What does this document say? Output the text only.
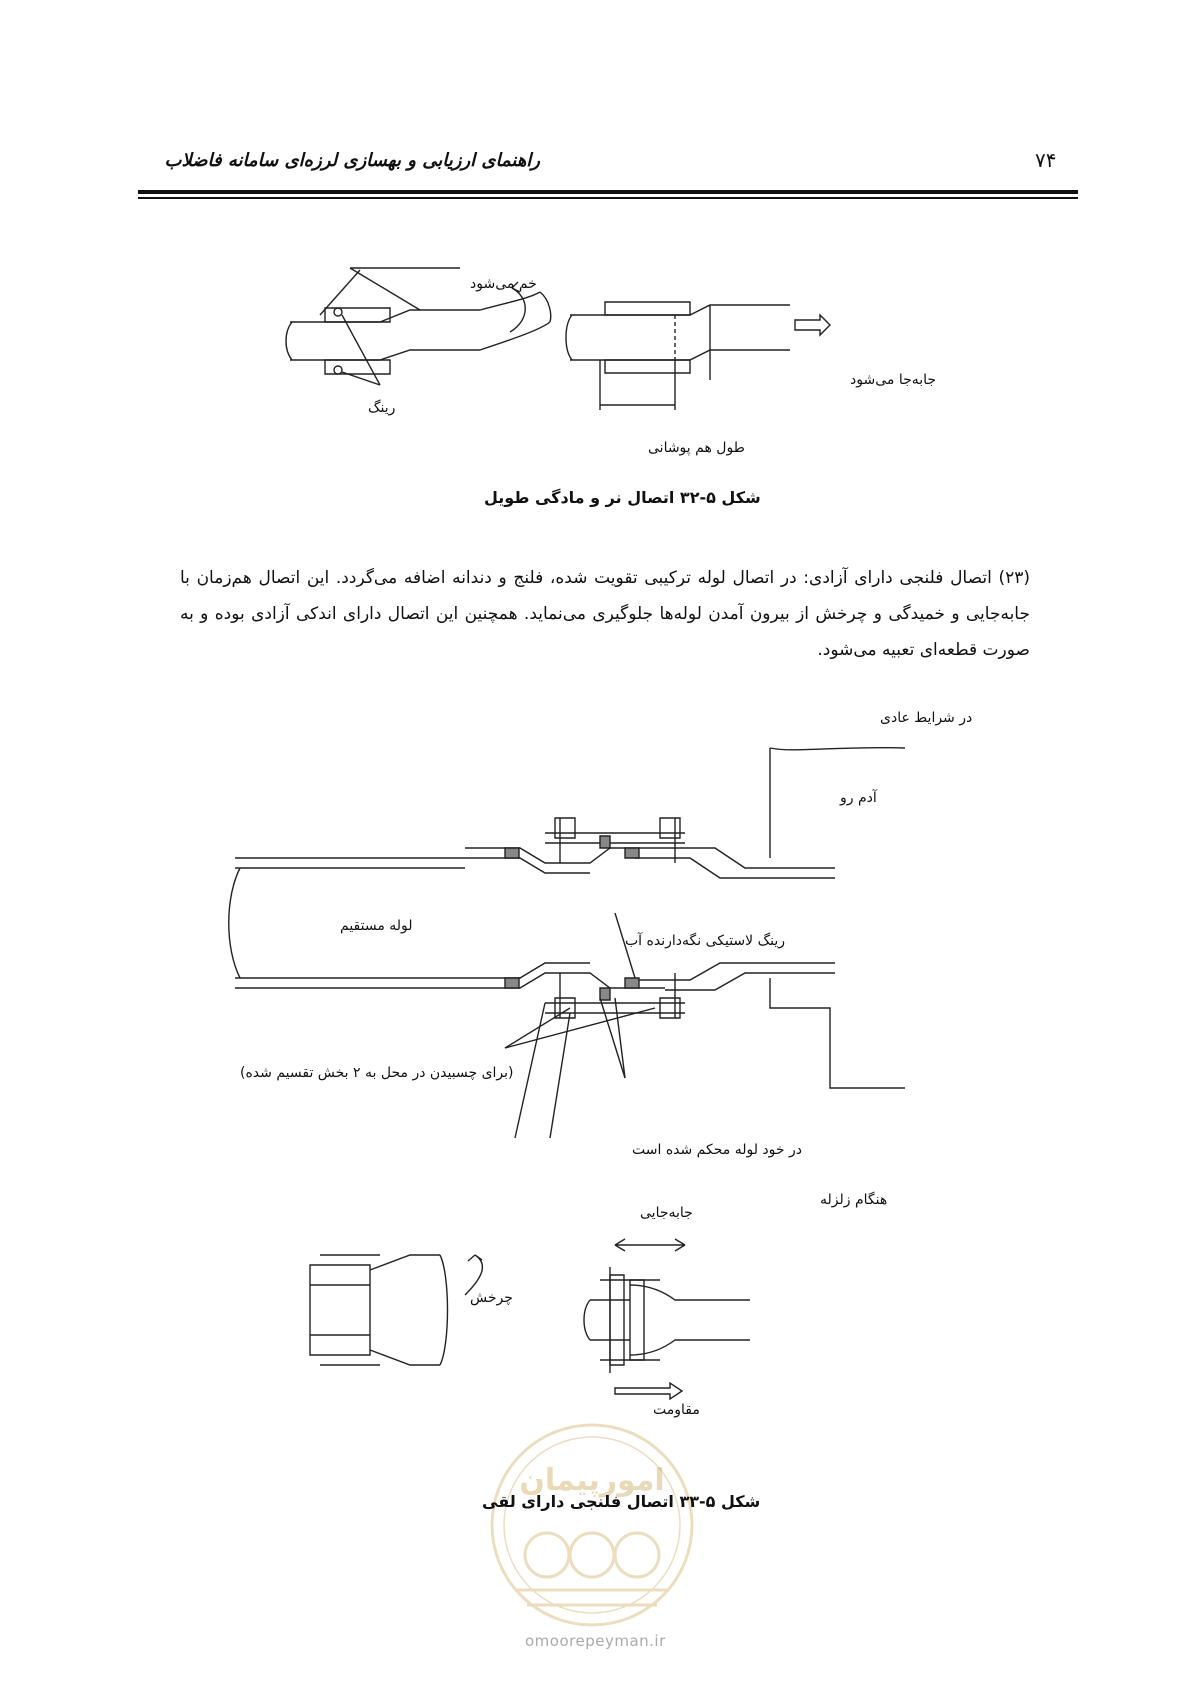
راهنمای ارزیابی و بهسازی لرزه‌ای سامانه فاضلاب	۷۴
خم می‌شود
رینگ
جابه‌جا می‌شود
طول هم پوشانی
شکل ۵-۳۲ اتصال نر و مادگی طویل
(۲۳) اتصال فلنجی دارای آزادی: در اتصال لوله ترکیبی تقویت شده، فلنج و دندانه اضافه می‌گردد. این اتصال هم‌زمان با جابه‌جایی و خمیدگی و چرخش از بیرون آمدن لوله‌ها جلوگیری می‌نماید. همچنین این اتصال دارای اندکی آزادی بوده و به صورت قطعه‌ای تعبیه می‌شود.
در شرایط عادی
آدم رو
لوله مستقیم
رینگ لاستیکی نگه‌دارنده آب
(برای چسبیدن در محل به ۲ بخش تقسیم شده)
در خود لوله محکم شده است
هنگام زلزله
جابه‌جایی
چرخش
مقاومت
امورپیمان
شکل ۵-۳۳ اتصال فلنجی دارای لقی
omoorepeyman.ir
